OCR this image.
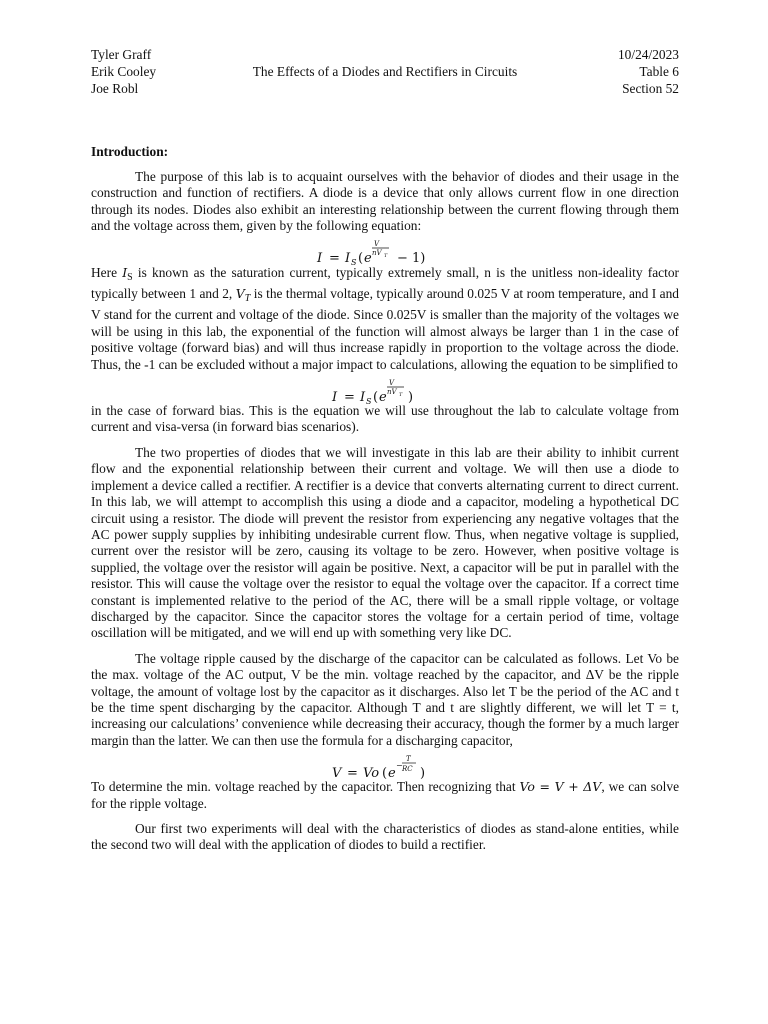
Tyler Graff
Erik Cooley
Joe Robl
The Effects of a Diodes and Rectifiers in Circuits
10/24/2023
Table 6
Section 52
Introduction:

The purpose of this lab is to acquaint ourselves with the behavior of diodes and their usage in the construction and function of rectifiers. A diode is a device that only allows current flow in one direction through its nodes. Diodes also exhibit an interesting relationship between the current flowing through them and the voltage across them, given by the following equation:

I = I S ( e
V
nV T − 1)

Here $I_S$ is known as the saturation current, typically extremely small, n is the unitless non-ideality factor typically between 1 and 2, $V_T$ is the thermal voltage, typically around 0.025 V at room temperature, and I and V stand for the current and voltage of the diode. Since 0.025V is smaller than the majority of the voltages we will be using in this lab, the exponential of the function will almost always be larger than 1 in the case of positive voltage (forward bias) and will thus increase rapidly in proportion to the voltage across the diode. Thus, the -1 can be excluded without a major impact to calculations, allowing the equation to be simplified to

I = I S ( e
V
nV T )

in the case of forward bias. This is the equation we will use throughout the lab to calculate voltage from current and visa-versa (in forward bias scenarios).

The two properties of diodes that we will investigate in this lab are their ability to inhibit current flow and the exponential relationship between their current and voltage. We will then use a diode to implement a device called a rectifier. A rectifier is a device that converts alternating current to direct current. In this lab, we will attempt to accomplish this using a diode and a capacitor, modeling a hypothetical DC circuit using a resistor. The diode will prevent the resistor from experiencing any negative voltages that the AC power supply supplies by inhibiting undesirable current flow. Thus, when negative voltage is supplied, current over the resistor will be zero, causing its voltage to be zero. However, when positive voltage is supplied, the voltage over the resistor will again be positive. Next, a capacitor will be put in parallel with the resistor. This will cause the voltage over the resistor to equal the voltage over the capacitor. If a correct time constant is implemented relative to the period of the AC, there will be a small ripple voltage, or voltage discharged by the capacitor. Since the capacitor stores the voltage for a certain period of time, voltage oscillation will be mitigated, and we will end up with something very like DC.

The voltage ripple caused by the discharge of the capacitor can be calculated as follows. Let Vo be the max. voltage of the AC output, V be the min. voltage reached by the capacitor, and ΔV be the ripple voltage, the amount of voltage lost by the capacitor as it discharges. Also let T be the period of the AC and t be the time spent discharging by the capacitor. Although T and t are slightly different, we will let T = t, increasing our calculations’ convenience while decreasing their accuracy, though the former by a much larger margin than the latter. We can then use the formula for a discharging capacitor,

V = Vo ( e
−
T
RC )

To determine the min. voltage reached by the capacitor. Then recognizing that Vo = V + ΔV, we can solve for the ripple voltage.

Our first two experiments will deal with the characteristics of diodes as stand-alone entities, while the second two will deal with the application of diodes to build a rectifier.
